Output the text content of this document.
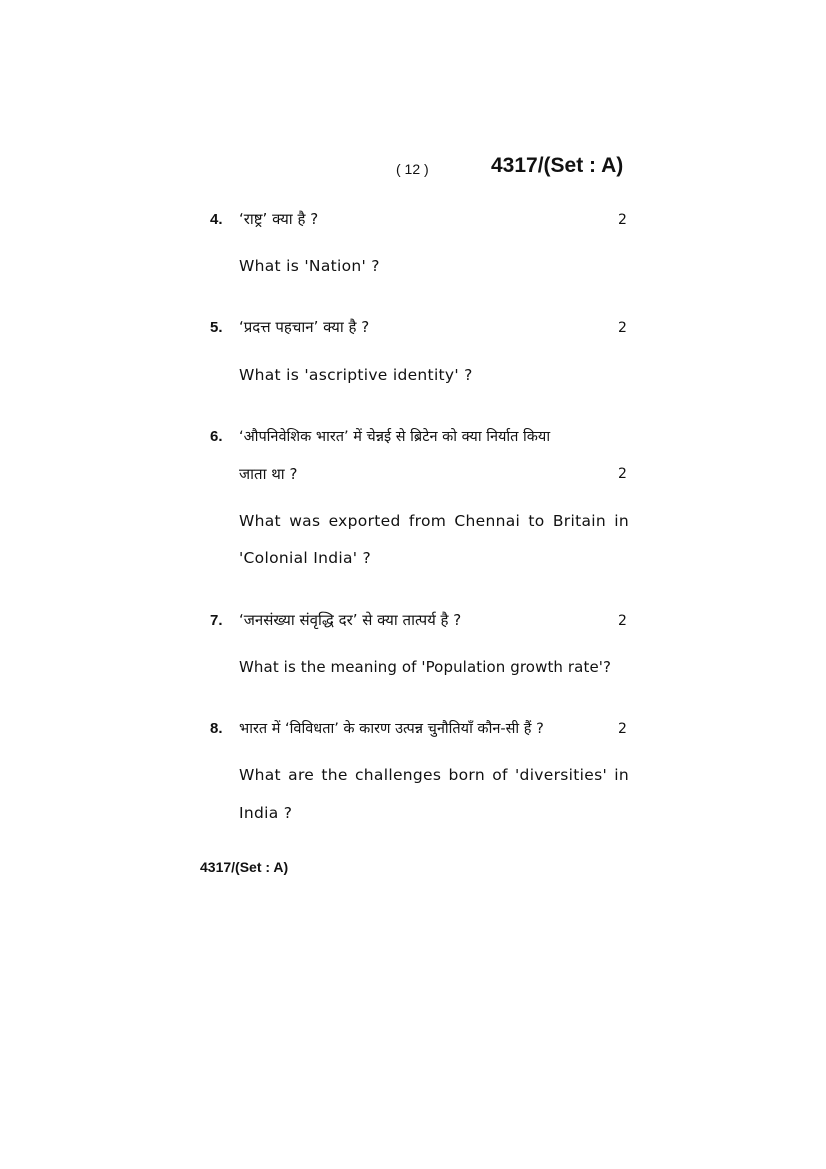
( 12 )	4317/(Set : A)
4. ‘राष्ट्र’ क्या है ?	2
What is 'Nation' ?
5. ‘प्रदत्त पहचान’ क्या है ?	2
What is 'ascriptive identity' ?
6. ‘औपनिवेशिक भारत’ में चेन्नई से ब्रिटेन को क्या निर्यात किया
जाता था ?	2
What was exported from Chennai to Britain in
'Colonial India' ?
7. ‘जनसंख्या संवृद्धि दर’ से क्या तात्पर्य है ?	2
What is the meaning of 'Population growth rate'?
8. भारत में ‘विविधता’ के कारण उत्पन्न चुनौतियाँ कौन-सी हैं ?	2
What are the challenges born of 'diversities' in
India ?
4317/(Set : A)
